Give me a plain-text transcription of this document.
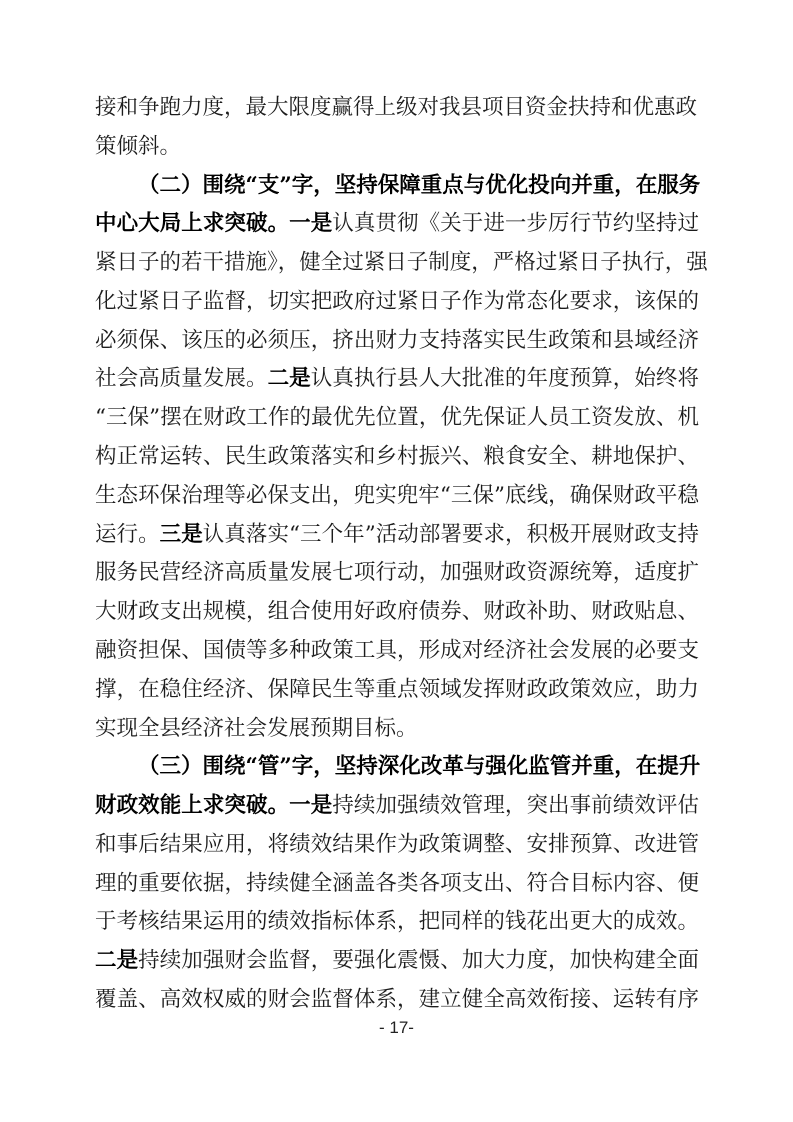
接和争跑力度，最大限度赢得上级对我县项目资金扶持和优惠政
策倾斜。
（二）围绕“支”字，坚持保障重点与优化投向并重，在服务
中心大局上求突破。一是认真贯彻《关于进一步厉行节约坚持过
紧日子的若干措施》，健全过紧日子制度，严格过紧日子执行，强
化过紧日子监督，切实把政府过紧日子作为常态化要求，该保的
必须保、该压的必须压，挤出财力支持落实民生政策和县域经济
社会高质量发展。二是认真执行县人大批准的年度预算，始终将
“三保”摆在财政工作的最优先位置，优先保证人员工资发放、机
构正常运转、民生政策落实和乡村振兴、粮食安全、耕地保护、
生态环保治理等必保支出，兜实兜牢“三保”底线，确保财政平稳
运行。三是认真落实“三个年”活动部署要求，积极开展财政支持
服务民营经济高质量发展七项行动，加强财政资源统筹，适度扩
大财政支出规模，组合使用好政府债券、财政补助、财政贴息、
融资担保、国债等多种政策工具，形成对经济社会发展的必要支
撑，在稳住经济、保障民生等重点领域发挥财政政策效应，助力
实现全县经济社会发展预期目标。
（三）围绕“管”字，坚持深化改革与强化监管并重，在提升
财政效能上求突破。一是持续加强绩效管理，突出事前绩效评估
和事后结果应用，将绩效结果作为政策调整、安排预算、改进管
理的重要依据，持续健全涵盖各类各项支出、符合目标内容、便
于考核结果运用的绩效指标体系，把同样的钱花出更大的成效。
二是持续加强财会监督，要强化震慑、加大力度，加快构建全面
覆盖、高效权威的财会监督体系，建立健全高效衔接、运转有序
- 17-
